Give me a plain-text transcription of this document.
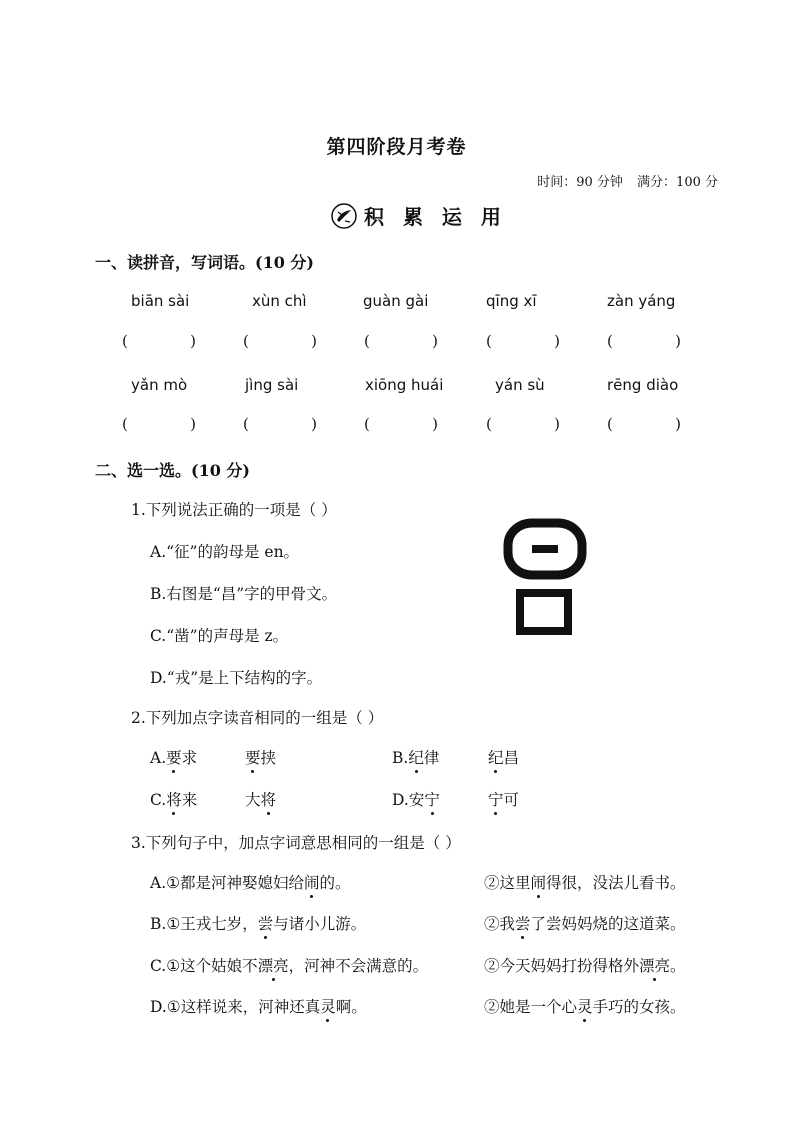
第四阶段月考卷
时间：90 分钟 满分：100 分
积 累 运 用
一、读拼音，写词语。(10 分)
biān sài	xùn chì	guàn gài	qīng xī	zàn yáng
(	)	(	)	(	)	(	)	(	)
yǎn mò	jìng sài	xiōng huái	yán sù	rēng diào
(	)	(	)	(	)	(	)	(	)
二、选一选。(10 分)
1.下列说法正确的一项是（ ）
A.“征”的韵母是 en。
B.右图是“昌”字的甲骨文。
C.“凿”的声母是 z。
D.“戎”是上下结构的字。
2.下列加点字读音相同的一组是（ ）
A.要求	要挟	B.纪律	纪昌
C.将来	大将	D.安宁	宁可
3.下列句子中，加点字词意思相同的一组是（ ）
A.①都是河神娶媳妇给闹的。	②这里闹得很，没法儿看书。
B.①王戎七岁，尝与诸小儿游。	②我尝了尝妈妈烧的这道菜。
C.①这个姑娘不漂亮，河神不会满意的。	②今天妈妈打扮得格外漂亮。
D.①这样说来，河神还真灵啊。	②她是一个心灵手巧的女孩。
